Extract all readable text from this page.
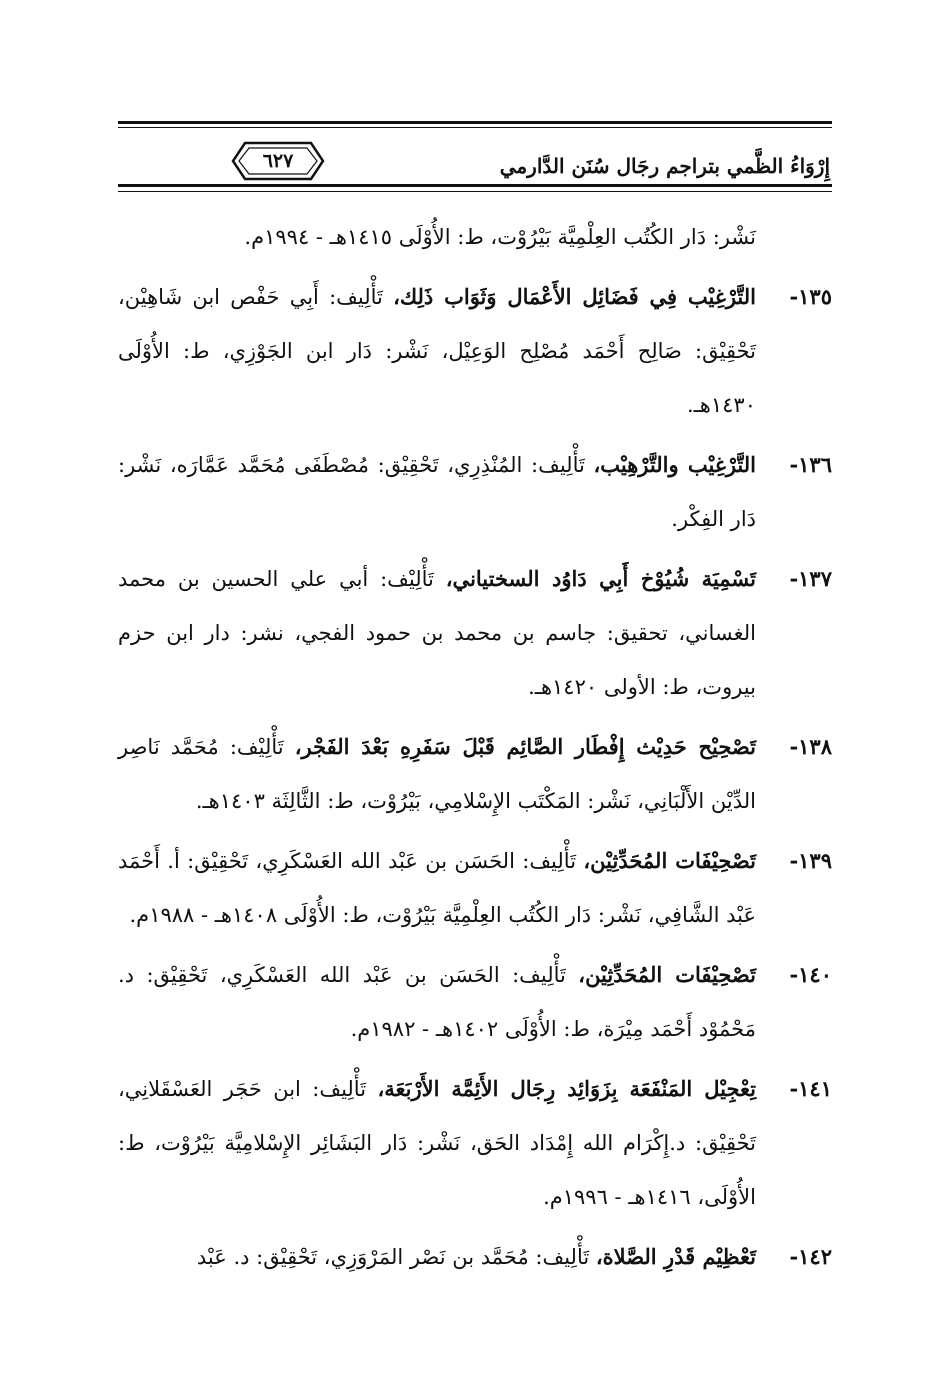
إِرْوَاءُ الظَّمي بتراجم رجَال سُنَن الدَّارمي
٦٢٧
نَشْر: دَار الكُتُب العِلْمِيَّة بَيْرُوْت، ط: الأُوْلَى ١٤١٥هـ - ١٩٩٤م.
١٣٥-
التَّرْغِيْب فِي فَضَائِل الأَعْمَال وَثَوَاب ذَلِك، تَأْلِيف: أَبِي حَفْص ابن شَاهِيْن، تَحْقِيْق: صَالِح أَحْمَد مُصْلِح الوَعِيْل، نَشْر: دَار ابن الجَوْزِي، ط: الأُوْلَى ١٤٣٠هـ.
١٣٦-
التَّرْغِيْب والتَّرْهِيْب، تَأْلِيف: المُنْذِرِي، تَحْقِيْق: مُصْطَفَى مُحَمَّد عَمَّارَه، نَشْر: دَار الفِكْر.
١٣٧-
تَسْمِيَة شُيُوْخ أَبِي دَاوُد السختياني، تَأْلِيْف: أبي علي الحسين بن محمد الغساني، تحقيق: جاسم بن محمد بن حمود الفجي، نشر: دار ابن حزم بيروت، ط: الأولى ١٤٢٠هـ.
١٣٨-
تَصْحِيْح حَدِيْث إِفْطَار الصَّائِم قَبْلَ سَفَرِهِ بَعْدَ الفَجْر، تَأْلِيْف: مُحَمَّد نَاصِر الدِّيْن الأَلْبَانِي، نَشْر: المَكْتَب الإِسْلامِي، بَيْرُوْت، ط: الثَّالِثَة ١٤٠٣هـ.
١٣٩-
تَصْحِيْفَات المُحَدِّثِيْن، تَأْلِيف: الحَسَن بن عَبْد الله العَسْكَرِي، تَحْقِيْق: أ. أَحْمَد عَبْد الشَّافِي، نَشْر: دَار الكُتُب العِلْمِيَّة بَيْرُوْت، ط: الأُوْلَى ١٤٠٨هـ - ١٩٨٨م.
١٤٠-
تَصْحِيْفَات المُحَدِّثِيْن، تَأْلِيف: الحَسَن بن عَبْد الله العَسْكَرِي، تَحْقِيْق: د. مَحْمُوْد أَحْمَد مِيْرَة، ط: الأُوْلَى ١٤٠٢هـ - ١٩٨٢م.
١٤١-
تِعْجِيْل المَنْفَعَة بِزَوَائِد رِجَال الأَئِمَّة الأَرْبَعَة، تَأْلِيف: ابن حَجَر العَسْقَلانِي، تَحْقِيْق: د.إِكْرَام الله إِمْدَاد الحَق، نَشْر: دَار البَشَائِر الإِسْلامِيَّة بَيْرُوْت، ط: الأُوْلَى، ١٤١٦هـ - ١٩٩٦م.
١٤٢-
تَعْظِيْم قَدْرِ الصَّلاة، تَأْلِيف: مُحَمَّد بن نَصْر المَرْوَزِي، تَحْقِيْق: د. عَبْد
